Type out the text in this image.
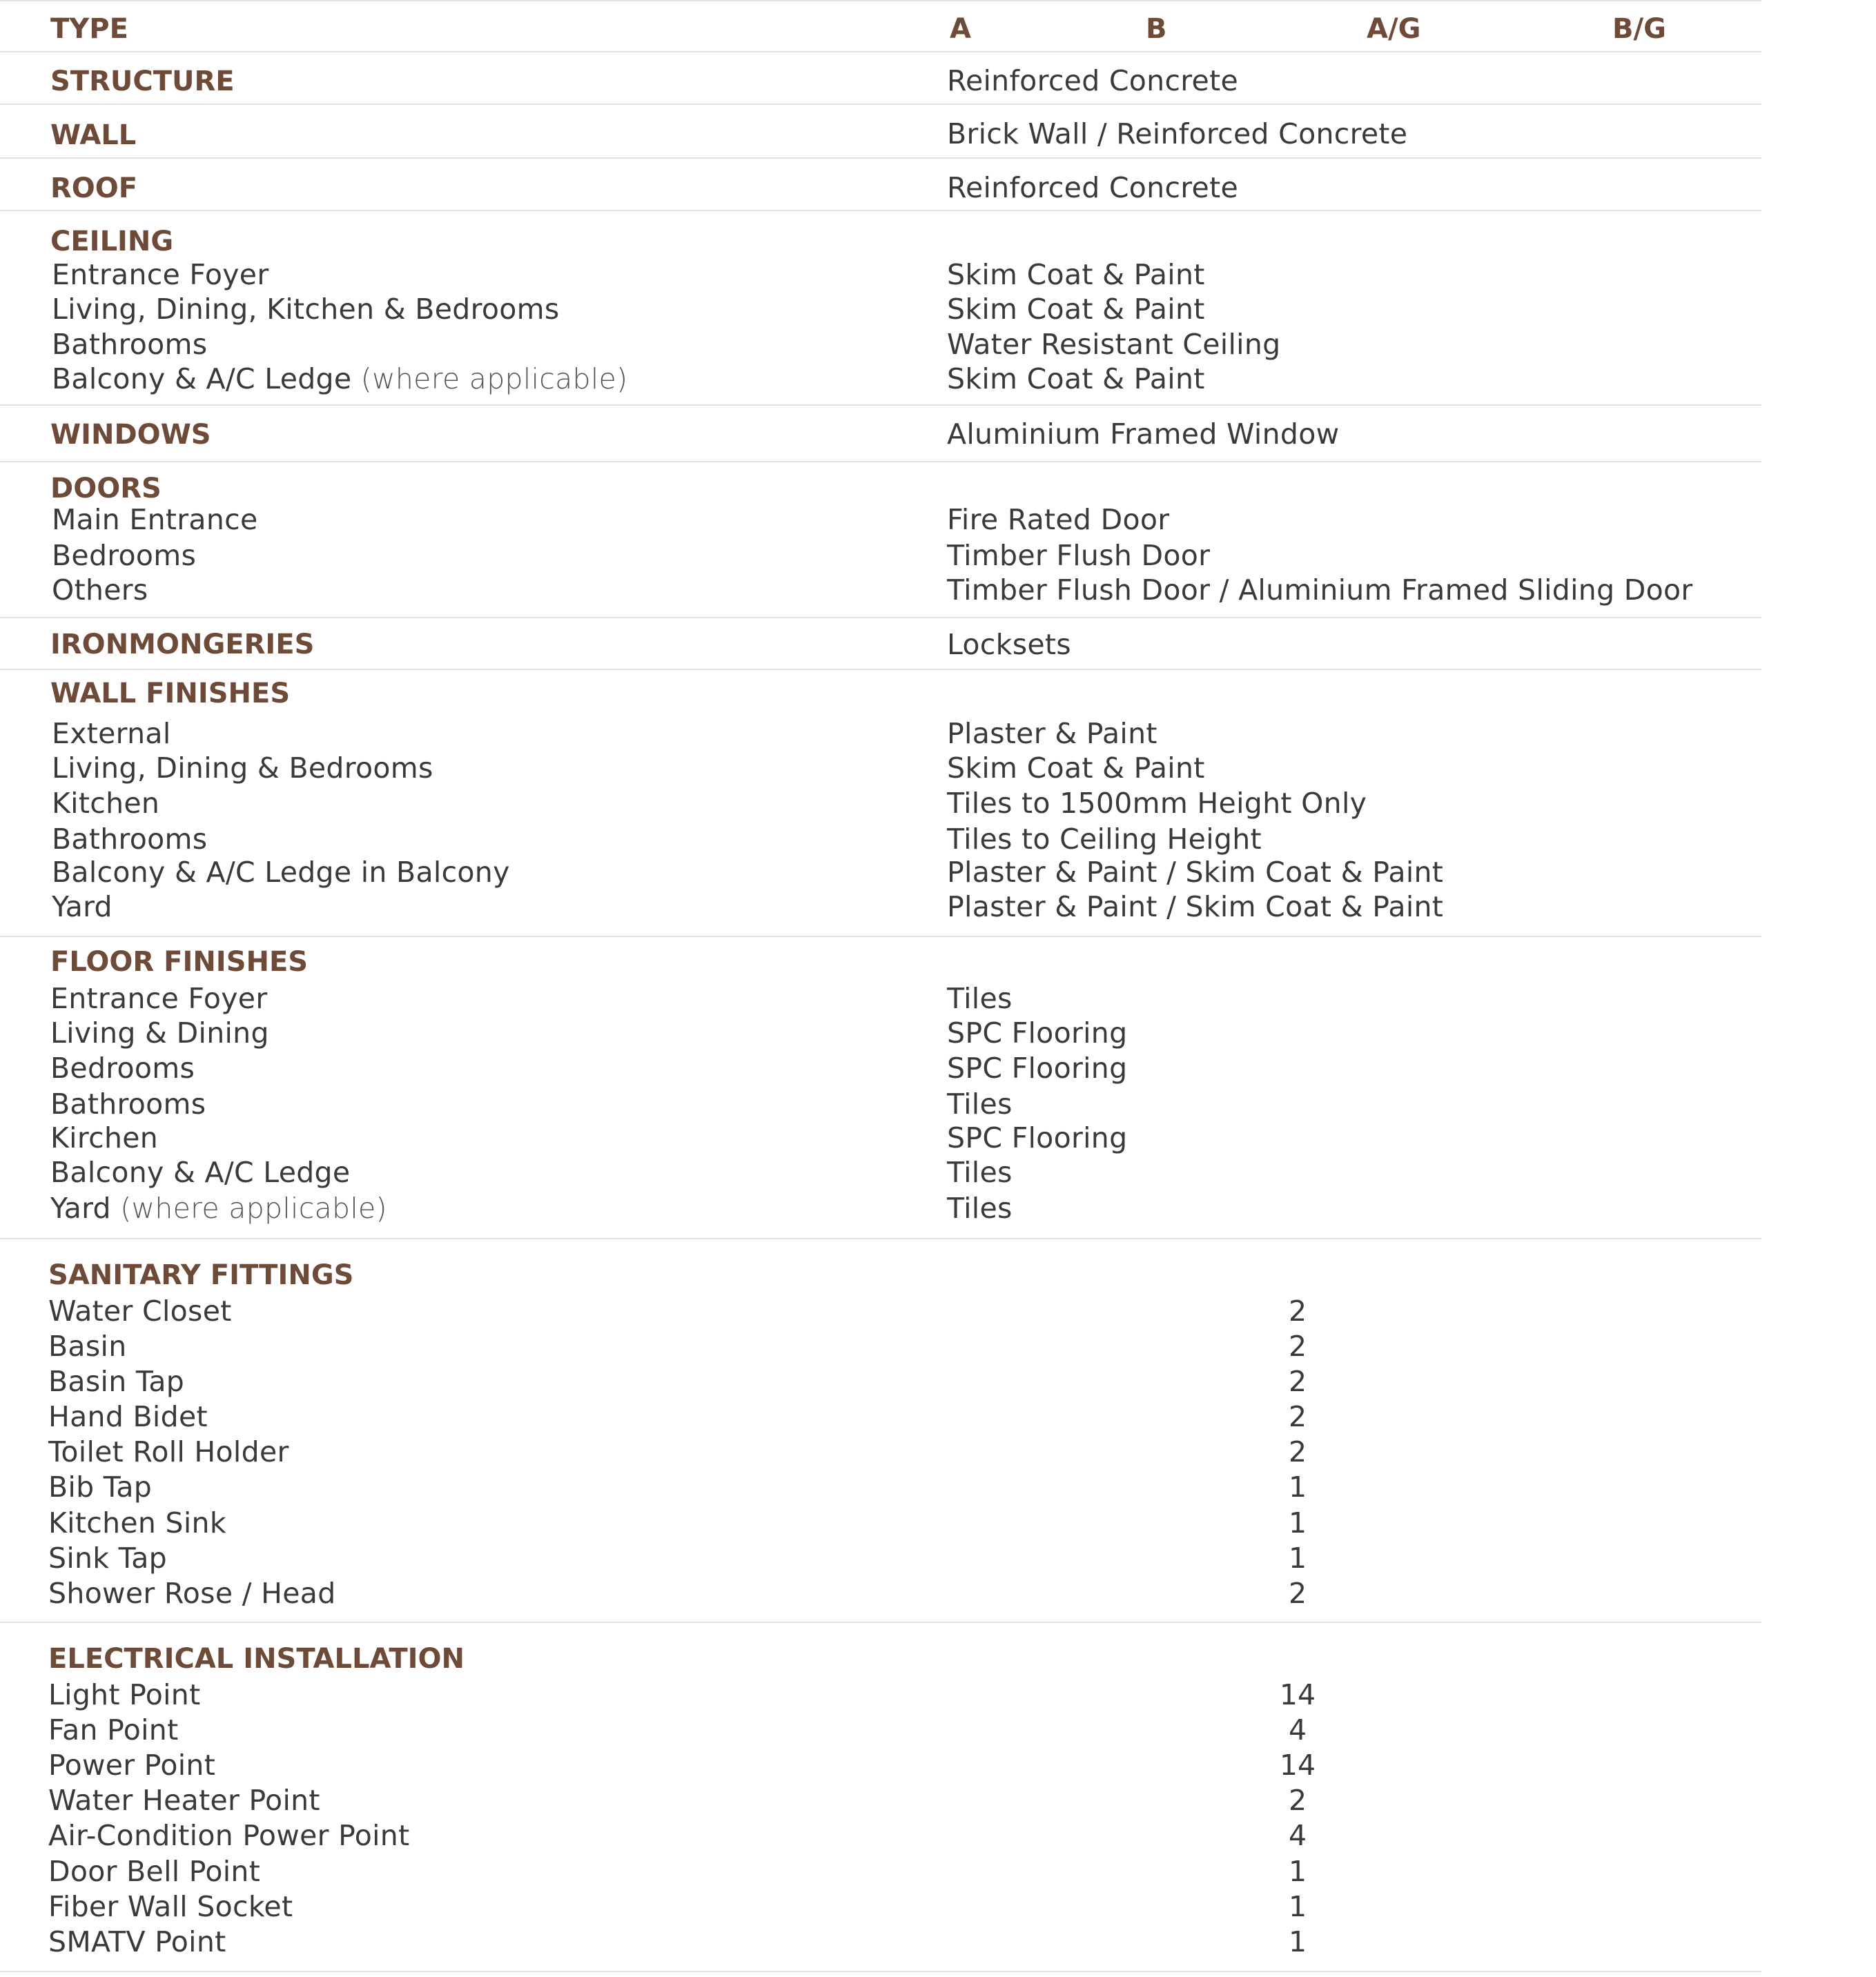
TYPE	A	B	A/G	B/G
STRUCTURE	Reinforced Concrete
WALL	Brick Wall / Reinforced Concrete
ROOF	Reinforced Concrete
CEILING
Entrance Foyer	Skim Coat & Paint
Living, Dining, Kitchen & Bedrooms	Skim Coat & Paint
Bathrooms	Water Resistant Ceiling
Balcony & A/C Ledge (where applicable)	Skim Coat & Paint
WINDOWS	Aluminium Framed Window
DOORS
Main Entrance	Fire Rated Door
Bedrooms	Timber Flush Door
Others	Timber Flush Door / Aluminium Framed Sliding Door
IRONMONGERIES	Locksets
WALL FINISHES
External	Plaster & Paint
Living, Dining & Bedrooms	Skim Coat & Paint
Kitchen	Tiles to 1500mm Height Only
Bathrooms	Tiles to Ceiling Height
Balcony & A/C Ledge in Balcony	Plaster & Paint / Skim Coat & Paint
Yard	Plaster & Paint / Skim Coat & Paint
FLOOR FINISHES
Entrance Foyer	Tiles
Living & Dining	SPC Flooring
Bedrooms	SPC Flooring
Bathrooms	Tiles
Kirchen	SPC Flooring
Balcony & A/C Ledge	Tiles
Yard (where applicable)	Tiles
SANITARY FITTINGS
Water Closet	2
Basin	2
Basin Tap	2
Hand Bidet	2
Toilet Roll Holder	2
Bib Tap	1
Kitchen Sink	1
Sink Tap	1
Shower Rose / Head	2
ELECTRICAL INSTALLATION
Light Point	14
Fan Point	4
Power Point	14
Water Heater Point	2
Air-Condition Power Point	4
Door Bell Point	1
Fiber Wall Socket	1
SMATV Point	1
